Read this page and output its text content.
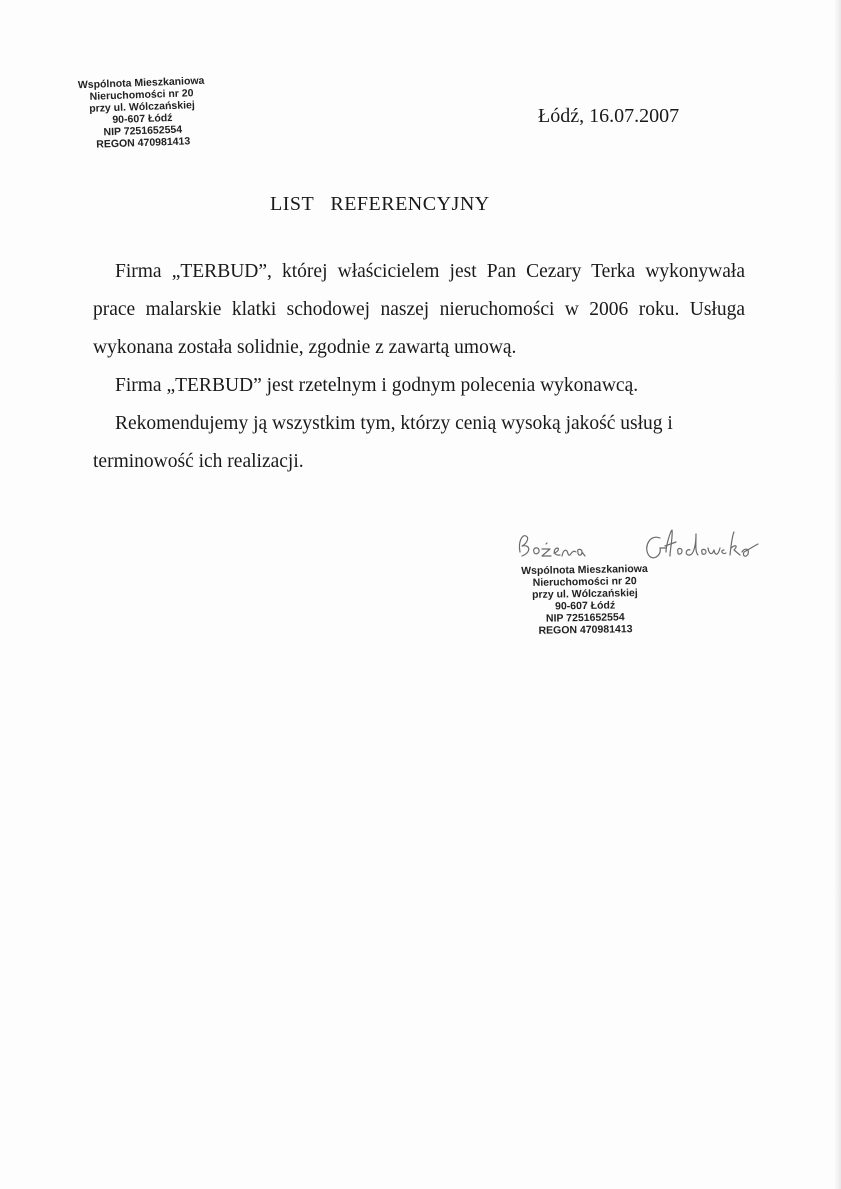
Wspólnota Mieszkaniowa
Nieruchomości nr 20
przy ul. Wólczańskiej
90-607 Łódź
NIP 7251652554
REGON 470981413
Łódź, 16.07.2007
LIST   REFERENCYJNY

Firma „TERBUD”, której właścicielem jest Pan Cezary Terka wykonywała prace malarskie klatki schodowej naszej nieruchomości w 2006 roku. Usługa wykonana została solidnie, zgodnie z zawartą umową.

Firma „TERBUD” jest rzetelnym i godnym polecenia wykonawcą.

Rekomendujemy ją wszystkim tym, którzy cenią wysoką jakość usług i terminowość ich realizacji.

Wspólnota Mieszkaniowa
Nieruchomości nr 20
przy ul. Wólczańskiej
90-607 Łódź
NIP 7251652554
REGON 470981413
